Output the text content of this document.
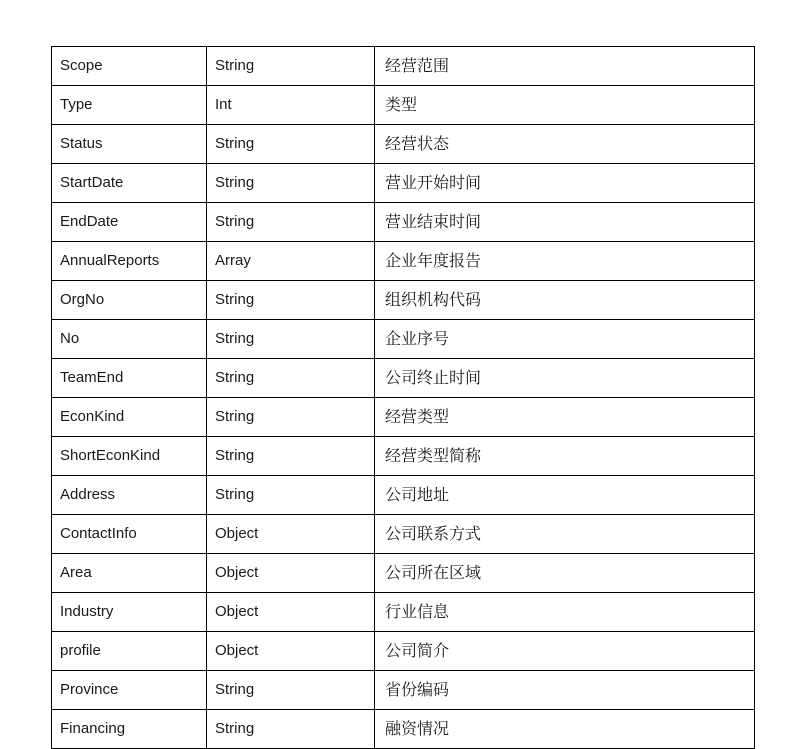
Scope	String	经营范围
Type	Int	类型
Status	String	经营状态
StartDate	String	营业开始时间
EndDate	String	营业结束时间
AnnualReports	Array	企业年度报告
OrgNo	String	组织机构代码
No	String	企业序号
TeamEnd	String	公司终止时间
EconKind	String	经营类型
ShortEconKind	String	经营类型简称
Address	String	公司地址
ContactInfo	Object	公司联系方式
Area	Object	公司所在区域
Industry	Object	行业信息
profile	Object	公司简介
Province	String	省份编码
Financing	String	融资情况
